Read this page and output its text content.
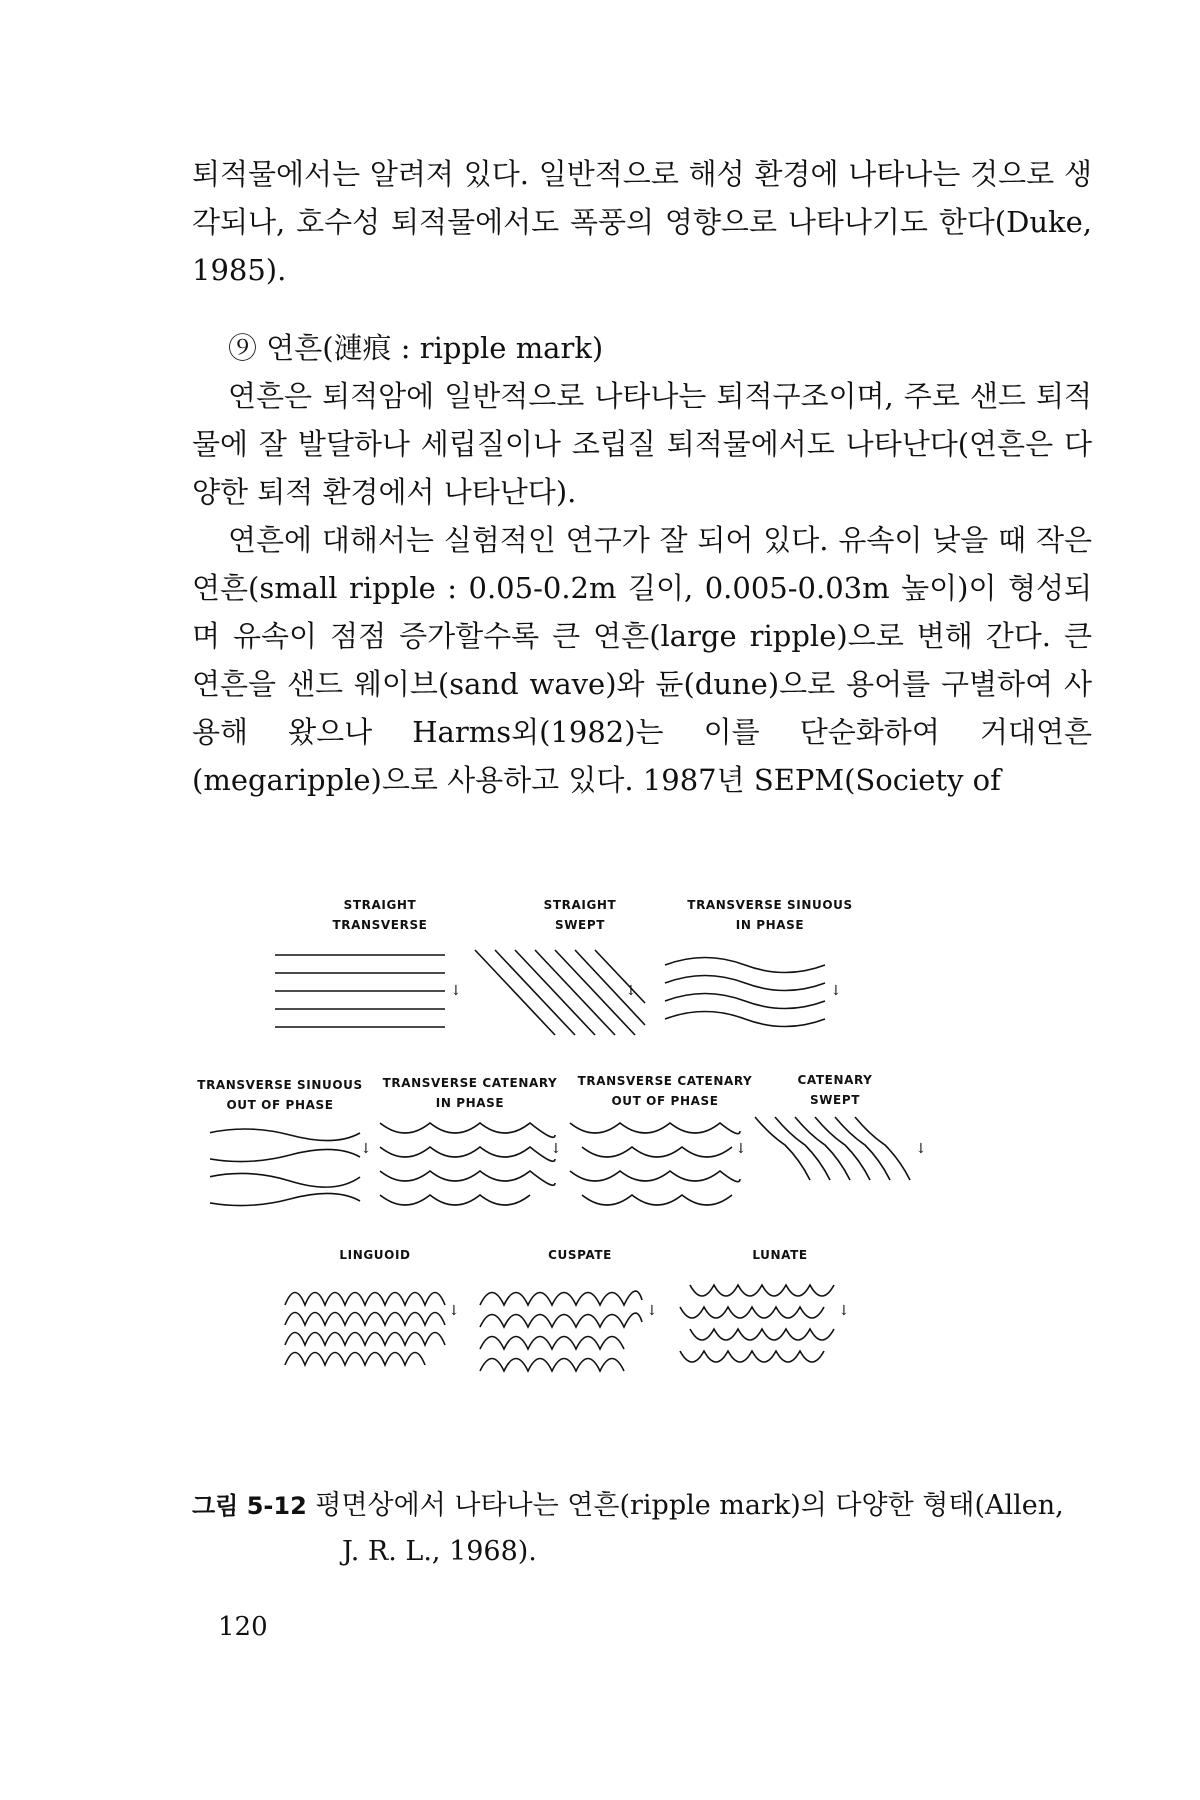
퇴적물에서는 알려져 있다. 일반적으로 해성 환경에 나타나는 것으로 생각되나, 호수성 퇴적물에서도 폭풍의 영향으로 나타나기도 한다(Duke, 1985).

⑨ 연흔(漣痕 : ripple mark)

연흔은 퇴적암에 일반적으로 나타나는 퇴적구조이며, 주로 샌드 퇴적물에 잘 발달하나 세립질이나 조립질 퇴적물에서도 나타난다(연흔은 다양한 퇴적 환경에서 나타난다).

연흔에 대해서는 실험적인 연구가 잘 되어 있다. 유속이 낮을 때 작은 연흔(small ripple : 0.05-0.2m 길이, 0.005-0.03m 높이)이 형성되며 유속이 점점 증가할수록 큰 연흔(large ripple)으로 변해 간다. 큰 연흔을 샌드 웨이브(sand wave)와 듄(dune)으로 용어를 구별하여 사용해 왔으나 Harms외(1982)는 이를 단순화하여 거대연흔(megaripple)으로 사용하고 있다. 1987년 SEPM(Society of

STRAIGHT
TRANSVERSE
STRAIGHT
SWEPT
TRANSVERSE SINUOUS
IN PHASE
TRANSVERSE SINUOUS
OUT OF PHASE
TRANSVERSE CATENARY
IN PHASE
TRANSVERSE CATENARY
OUT OF PHASE
CATENARY
SWEPT
LINGUOID	CUSPATE	LUNATE
↓	↓	↓
↓	↓	↓	↓
↓	↓	↓
그림 5-12 평면상에서 나타나는 연흔(ripple mark)의 다양한 형태(Allen,
J. R. L., 1968).
120
